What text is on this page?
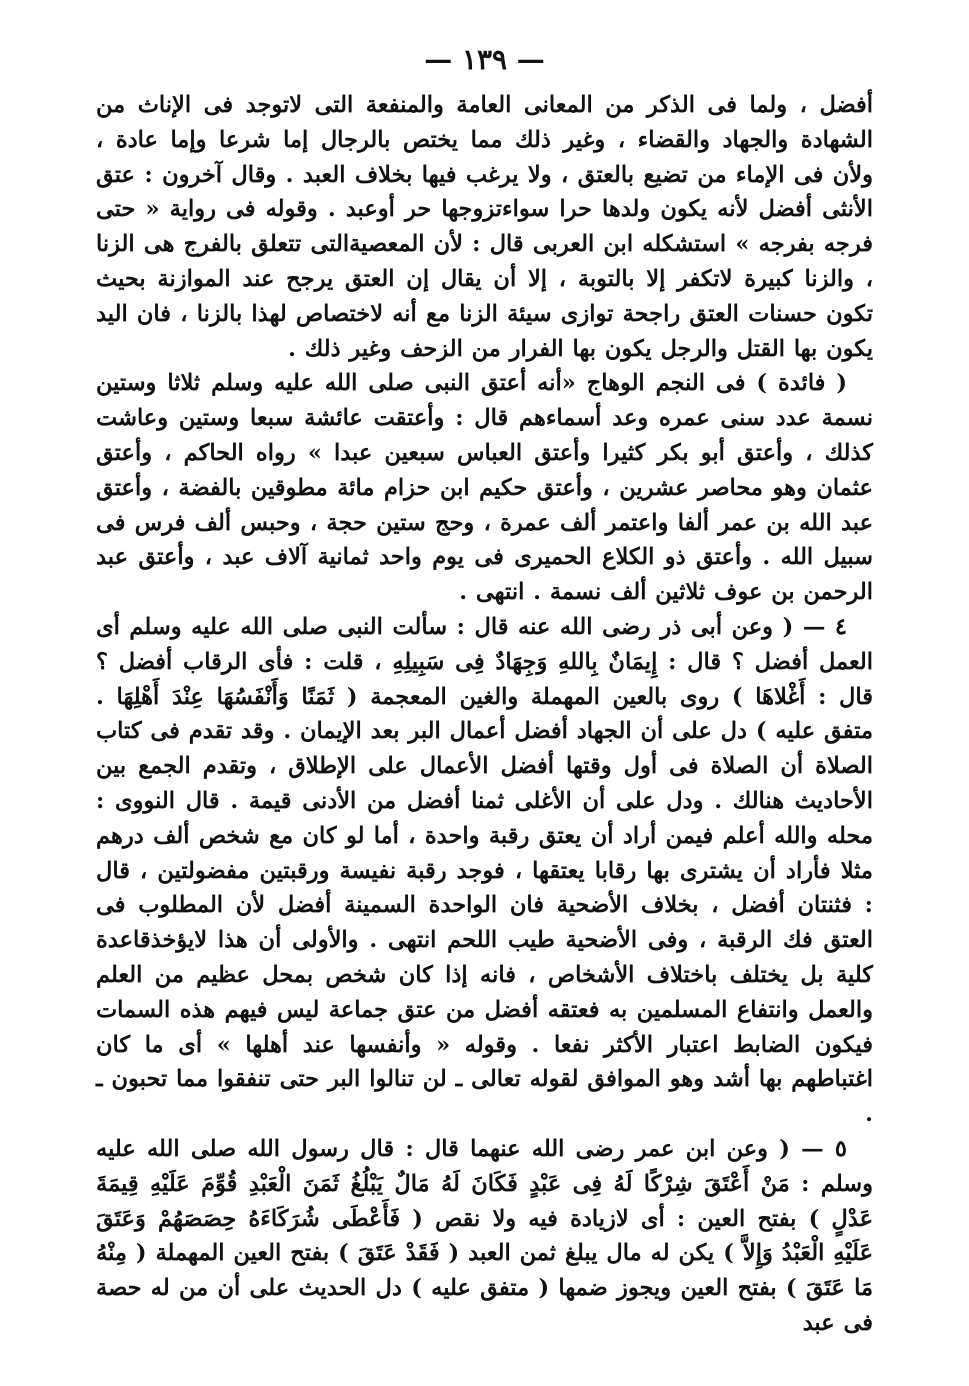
— ١٣٩ —

أفضل ، ولما فى الذكر من المعانى العامة والمنفعة التى لاتوجد فى الإناث من الشهادة والجهاد والقضاء ، وغير ذلك مما يختص بالرجال إما شرعا وإما عادة ، ولأن فى الإماء من تضيع بالعتق ، ولا يرغب فيها بخلاف العبد . وقال آخرون : عتق الأنثى أفضل لأنه يكون ولدها حرا سواءتزوجها حر أوعبد . وقوله فى رواية « حتى فرجه بفرجه » استشكله ابن العربى قال : لأن المعصيةالتى تتعلق بالفرج هى الزنا ، والزنا كبيرة لاتكفر إلا بالتوبة ، إلا أن يقال إن العتق يرجح عند الموازنة بحيث تكون حسنات العتق راجحة توازى سيئة الزنا مع أنه لاختصاص لهذا بالزنا ، فان اليد يكون بها القتل والرجل يكون بها الفرار من الزحف وغير ذلك .

( فائدة ) فى النجم الوهاج «أنه أعتق النبى صلى الله عليه وسلم ثلاثا وستين نسمة عدد سنى عمره وعد أسماءهم قال : وأعتقت عائشة سبعا وستين وعاشت كذلك ، وأعتق أبو بكر كثيرا وأعتق العباس سبعين عبدا » رواه الحاكم ، وأعتق عثمان وهو محاصر عشرين ، وأعتق حكيم ابن حزام مائة مطوقين بالفضة ، وأعتق عبد الله بن عمر ألفا واعتمر ألف عمرة ، وحج ستين حجة ، وحبس ألف فرس فى سبيل الله . وأعتق ذو الكلاع الحميرى فى يوم واحد ثمانية آلاف عبد ، وأعتق عبد الرحمن بن عوف ثلاثين ألف نسمة . انتهى .

٤ — ( وعن أبى ذر رضى الله عنه قال : سألت النبى صلى الله عليه وسلم أى العمل أفضل ؟ قال : إِيمَانٌ بِاللهِ وَجِهَادٌ فِى سَبِيلِهِ ، قلت : فأى الرقاب أفضل ؟ قال : أَغْلاهَا ) روى بالعين المهملة والغين المعجمة ( ثَمَنًا وَأَنْفَسُهَا عِنْدَ أَهْلِهَا . متفق عليه ) دل على أن الجهاد أفضل أعمال البر بعد الإيمان . وقد تقدم فى كتاب الصلاة أن الصلاة فى أول وقتها أفضل الأعمال على الإطلاق ، وتقدم الجمع بين الأحاديث هنالك . ودل على أن الأغلى ثمنا أفضل من الأدنى قيمة . قال النووى : محله والله أعلم فيمن أراد أن يعتق رقبة واحدة ، أما لو كان مع شخص ألف درهم مثلا فأراد أن يشترى بها رقابا يعتقها ، فوجد رقبة نفيسة ورقبتين مفضولتين ، قال : فثنتان أفضل ، بخلاف الأضحية فان الواحدة السمينة أفضل لأن المطلوب فى العتق فك الرقبة ، وفى الأضحية طيب اللحم انتهى . والأولى أن هذا لايؤخذقاعدة كلية بل يختلف باختلاف الأشخاص ، فانه إذا كان شخص بمحل عظيم من العلم والعمل وانتفاع المسلمين به فعتقه أفضل من عتق جماعة ليس فيهم هذه السمات فيكون الضابط اعتبار الأكثر نفعا . وقوله « وأنفسها عند أهلها » أى ما كان اغتباطهم بها أشد وهو الموافق لقوله تعالى ـ لن تنالوا البر حتى تنفقوا مما تحبون ـ .

٥ — ( وعن ابن عمر رضى الله عنهما قال : قال رسول الله صلى الله عليه وسلم : مَنْ أَعْتَقَ شِرْكًا لَهُ فِى عَبْدٍ فَكَانَ لَهُ مَالٌ يَبْلُغُ ثَمَنَ الْعَبْدِ قُوِّمَ عَلَيْهِ قِيمَةَ عَدْلٍ ) بفتح العين : أى لازيادة فيه ولا نقص ( فَأَعْطَى شُرَكَاءَهُ حِصَصَهُمْ وَعَتَقَ عَلَيْهِ الْعَبْدُ وَإِلاَّ ) يكن له مال يبلغ ثمن العبد ( فَقَدْ عَتَقَ ) بفتح العين المهملة ( مِنْهُ مَا عَتَقَ ) بفتح العين ويجوز ضمها ( متفق عليه ) دل الحديث على أن من له حصة فى عبد
